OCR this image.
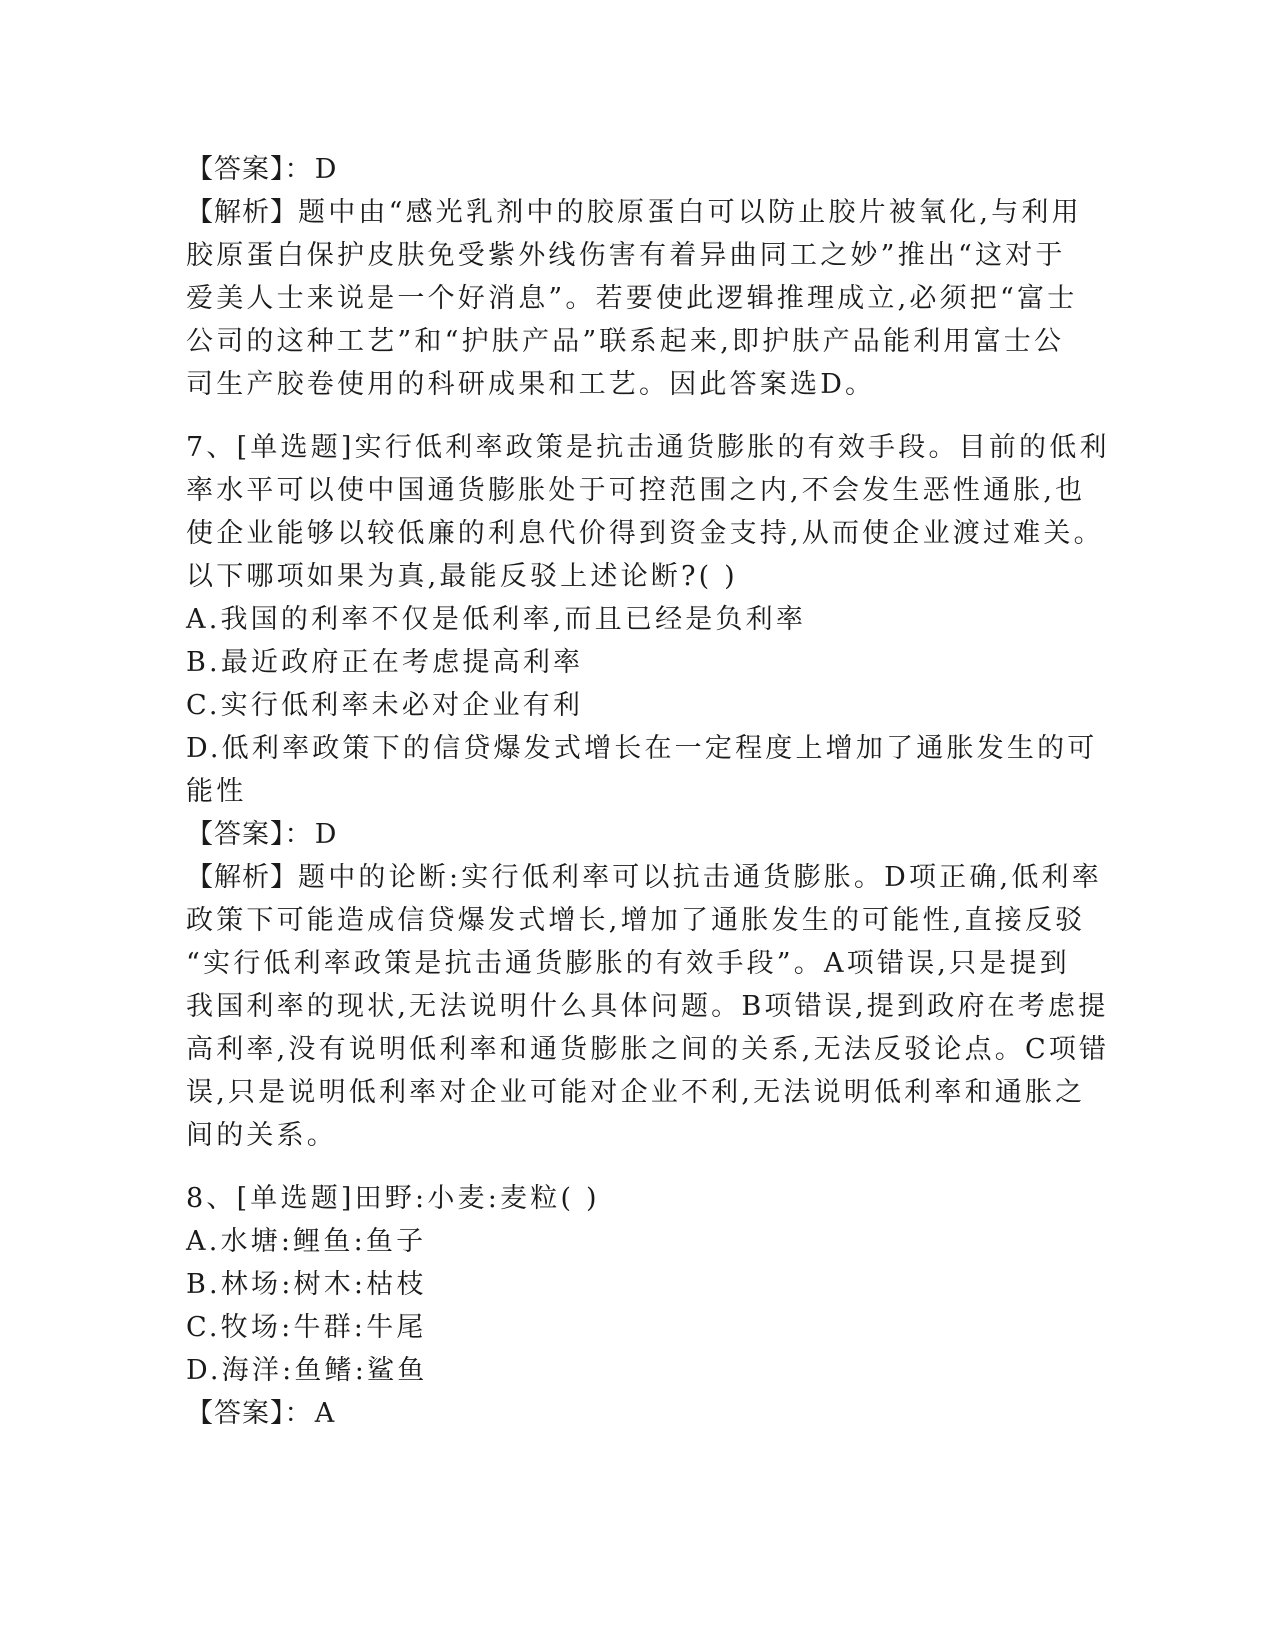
【答案】：D
【解析】题中由“感光乳剂中的胶原蛋白可以防止胶片被氧化,与利用
胶原蛋白保护皮肤免受紫外线伤害有着异曲同工之妙”推出“这对于
爱美人士来说是一个好消息”。若要使此逻辑推理成立,必须把“富士
公司的这种工艺”和“护肤产品”联系起来,即护肤产品能利用富士公
司生产胶卷使用的科研成果和工艺。因此答案选D。
7、[单选题]实行低利率政策是抗击通货膨胀的有效手段。目前的低利
率水平可以使中国通货膨胀处于可控范围之内,不会发生恶性通胀,也
使企业能够以较低廉的利息代价得到资金支持,从而使企业渡过难关。
以下哪项如果为真,最能反驳上述论断?( )
A.我国的利率不仅是低利率,而且已经是负利率
B.最近政府正在考虑提高利率
C.实行低利率未必对企业有利
D.低利率政策下的信贷爆发式增长在一定程度上增加了通胀发生的可
能性
【答案】：D
【解析】题中的论断:实行低利率可以抗击通货膨胀。D项正确,低利率
政策下可能造成信贷爆发式增长,增加了通胀发生的可能性,直接反驳
“实行低利率政策是抗击通货膨胀的有效手段”。A项错误,只是提到
我国利率的现状,无法说明什么具体问题。B项错误,提到政府在考虑提
高利率,没有说明低利率和通货膨胀之间的关系,无法反驳论点。C项错
误,只是说明低利率对企业可能对企业不利,无法说明低利率和通胀之
间的关系。
8、[单选题]田野:小麦:麦粒( )
A.水塘:鲤鱼:鱼子
B.林场:树木:枯枝
C.牧场:牛群:牛尾
D.海洋:鱼鳍:鲨鱼
【答案】：A
